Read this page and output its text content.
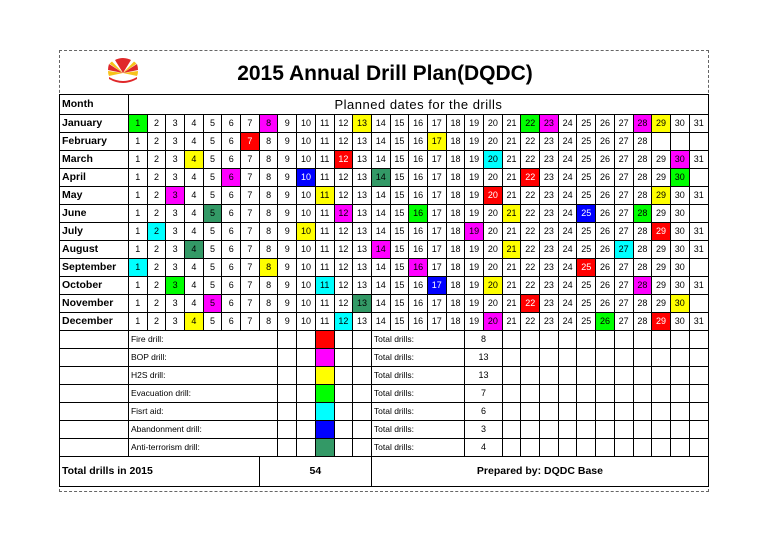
2015 Annual Drill Plan(DQDC)
Month	Planned dates for the drills																														
January	1	2	3	4	5	6	7	8	9	10	11	12	13	14	15	16	17	18	19	20	21	22	23	24	25	26	27	28	29	30	31
February	1	2	3	4	5	6	7	8	9	10	11	12	13	14	15	16	17	18	19	20	21	22	23	24	25	26	27	28			
March	1	2	3	4	5	6	7	8	9	10	11	12	13	14	15	16	17	18	19	20	21	22	23	24	25	26	27	28	29	30	31
April	1	2	3	4	5	6	7	8	9	10	11	12	13	14	15	16	17	18	19	20	21	22	23	24	25	26	27	28	29	30	
May	1	2	3	4	5	6	7	8	9	10	11	12	13	14	15	16	17	18	19	20	21	22	23	24	25	26	27	28	29	30	31
June	1	2	3	4	5	6	7	8	9	10	11	12	13	14	15	16	17	18	19	20	21	22	23	24	25	26	27	28	29	30	
July	1	2	3	4	5	6	7	8	9	10	11	12	13	14	15	16	17	18	19	20	21	22	23	24	25	26	27	28	29	30	31
August	1	2	3	4	5	6	7	8	9	10	11	12	13	14	15	16	17	18	19	20	21	22	23	24	25	26	27	28	29	30	31
September	1	2	3	4	5	6	7	8	9	10	11	12	13	14	15	16	17	18	19	20	21	22	23	24	25	26	27	28	29	30	
October	1	2	3	4	5	6	7	8	9	10	11	12	13	14	15	16	17	18	19	20	21	22	23	24	25	26	27	28	29	30	31
November	1	2	3	4	5	6	7	8	9	10	11	12	13	14	15	16	17	18	19	20	21	22	23	24	25	26	27	28	29	30	
December	1	2	3	4	5	6	7	8	9	10	11	12	13	14	15	16	17	18	19	20	21	22	23	24	25	26	27	28	29	30	31
	Fire drill:													Total drills:					8												
	BOP drill:													Total drills:					13												
	H2S drill:													Total drills:					13												
	Evacuation drill:													Total drills:					7												
	Fisrt aid:													Total drills:					6												
	Abandonment drill:													Total drills:					3												
	Anti-terrorism drill:													Total drills:					4												
Total drills in 2015								54						Prepared by: DQDC Base																	
